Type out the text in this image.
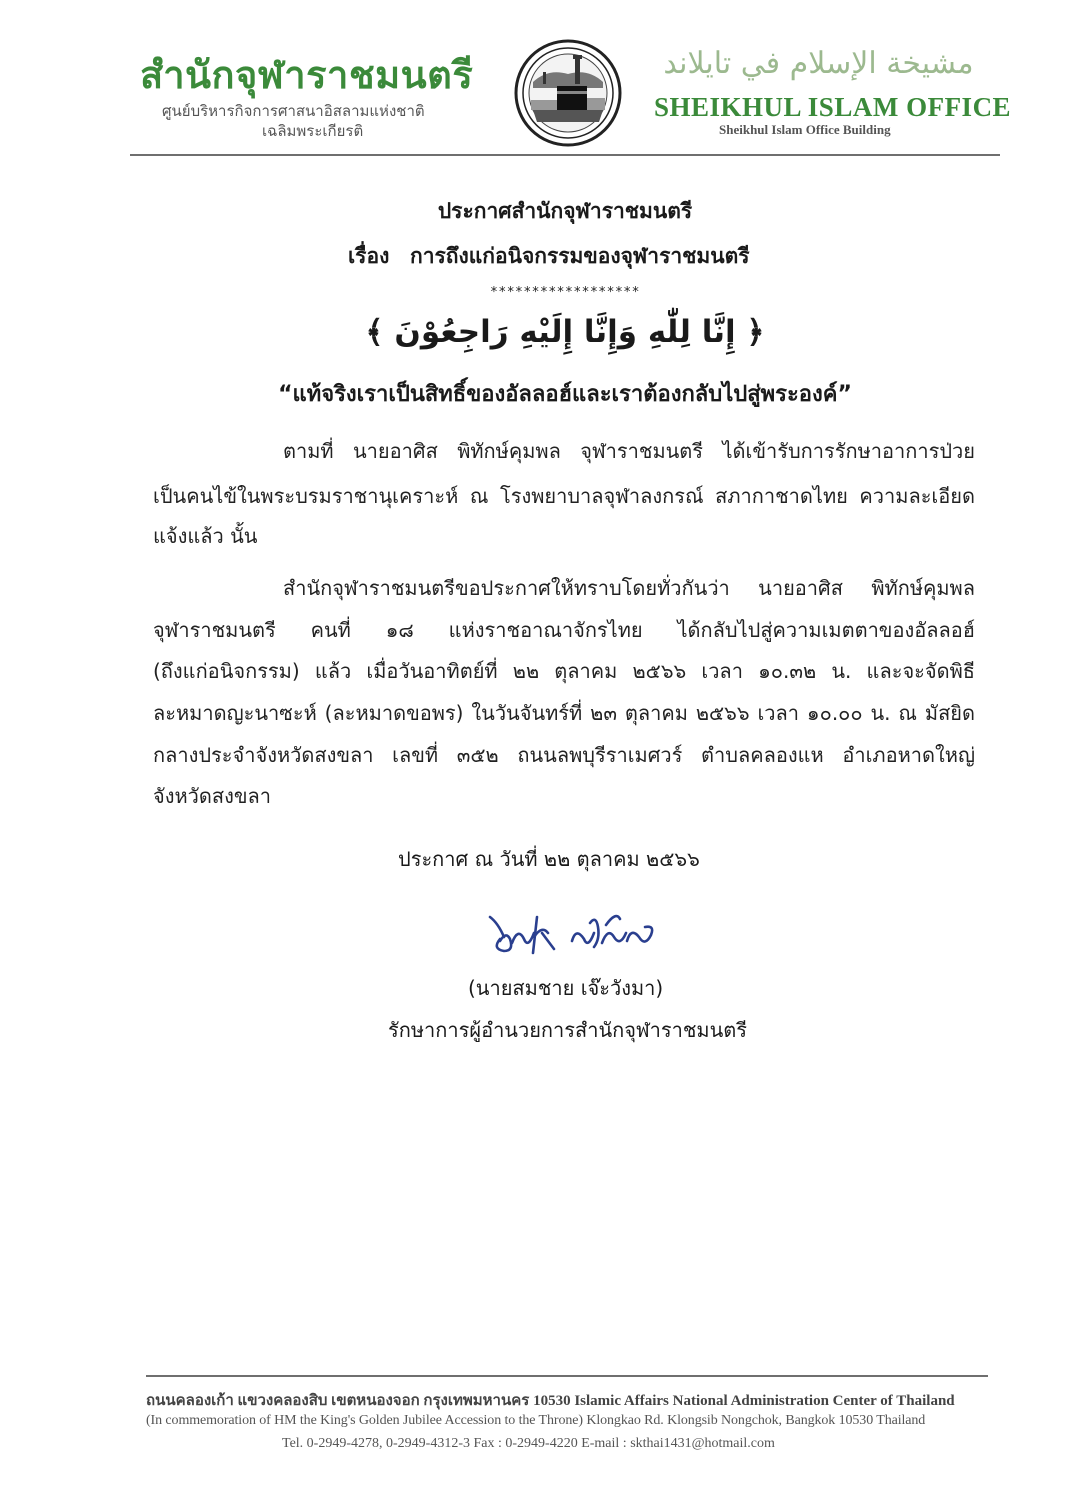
สำนักจุฬาราชมนตรี
ศูนย์บริหารกิจการศาสนาอิสลามแห่งชาติ
เฉลิมพระเกียรติ
مشيخة الإسلام في تايلاند
SHEIKHUL ISLAM OFFICE
Sheikhul Islam Office Building
ประกาศสำนักจุฬาราชมนตรี
เรื่อง การถึงแก่อนิจกรรมของจุฬาราชมนตรี
******************
﴿ إِنَّا لِلّٰهِ وَإِنَّا إِلَيْهِ رَاجِعُوْنَ ﴾
“แท้จริงเราเป็นสิทธิ์ของอัลลอฮ์และเราต้องกลับไปสู่พระองค์”
ตามที่ นายอาศิส พิทักษ์คุมพล จุฬาราชมนตรี ได้เข้ารับการรักษาอาการป่วย
เป็นคนไข้ในพระบรมราชานุเคราะห์ ณ โรงพยาบาลจุฬาลงกรณ์ สภากาชาดไทย ความละเอียด
แจ้งแล้ว นั้น
สำนักจุฬาราชมนตรีขอประกาศให้ทราบโดยทั่วกันว่า นายอาศิส พิทักษ์คุมพล
จุฬาราชมนตรี คนที่ ๑๘ แห่งราชอาณาจักรไทย ได้กลับไปสู่ความเมตตาของอัลลอฮ์
(ถึงแก่อนิจกรรม) แล้ว เมื่อวันอาทิตย์ที่ ๒๒ ตุลาคม ๒๕๖๖ เวลา ๑๐.๓๒ น. และจะจัดพิธี
ละหมาดญะนาซะห์ (ละหมาดขอพร) ในวันจันทร์ที่ ๒๓ ตุลาคม ๒๕๖๖ เวลา ๑๐.๐๐ น. ณ มัสยิด
กลางประจำจังหวัดสงขลา เลขที่ ๓๕๒ ถนนลพบุรีราเมศวร์ ตำบลคลองแห อำเภอหาดใหญ่
จังหวัดสงขลา
ประกาศ ณ วันที่ ๒๒ ตุลาคม ๒๕๖๖
(นายสมชาย เจ๊ะวังมา)
รักษาการผู้อำนวยการสำนักจุฬาราชมนตรี
ถนนคลองเก้า แขวงคลองสิบ เขตหนองจอก กรุงเทพมหานคร 10530 Islamic Affairs National Administration Center of Thailand
(In commemoration of HM the King's Golden Jubilee Accession to the Throne) Klongkao Rd. Klongsib Nongchok, Bangkok 10530 Thailand
Tel. 0-2949-4278, 0-2949-4312-3 Fax : 0-2949-4220 E-mail : skthai1431@hotmail.com
